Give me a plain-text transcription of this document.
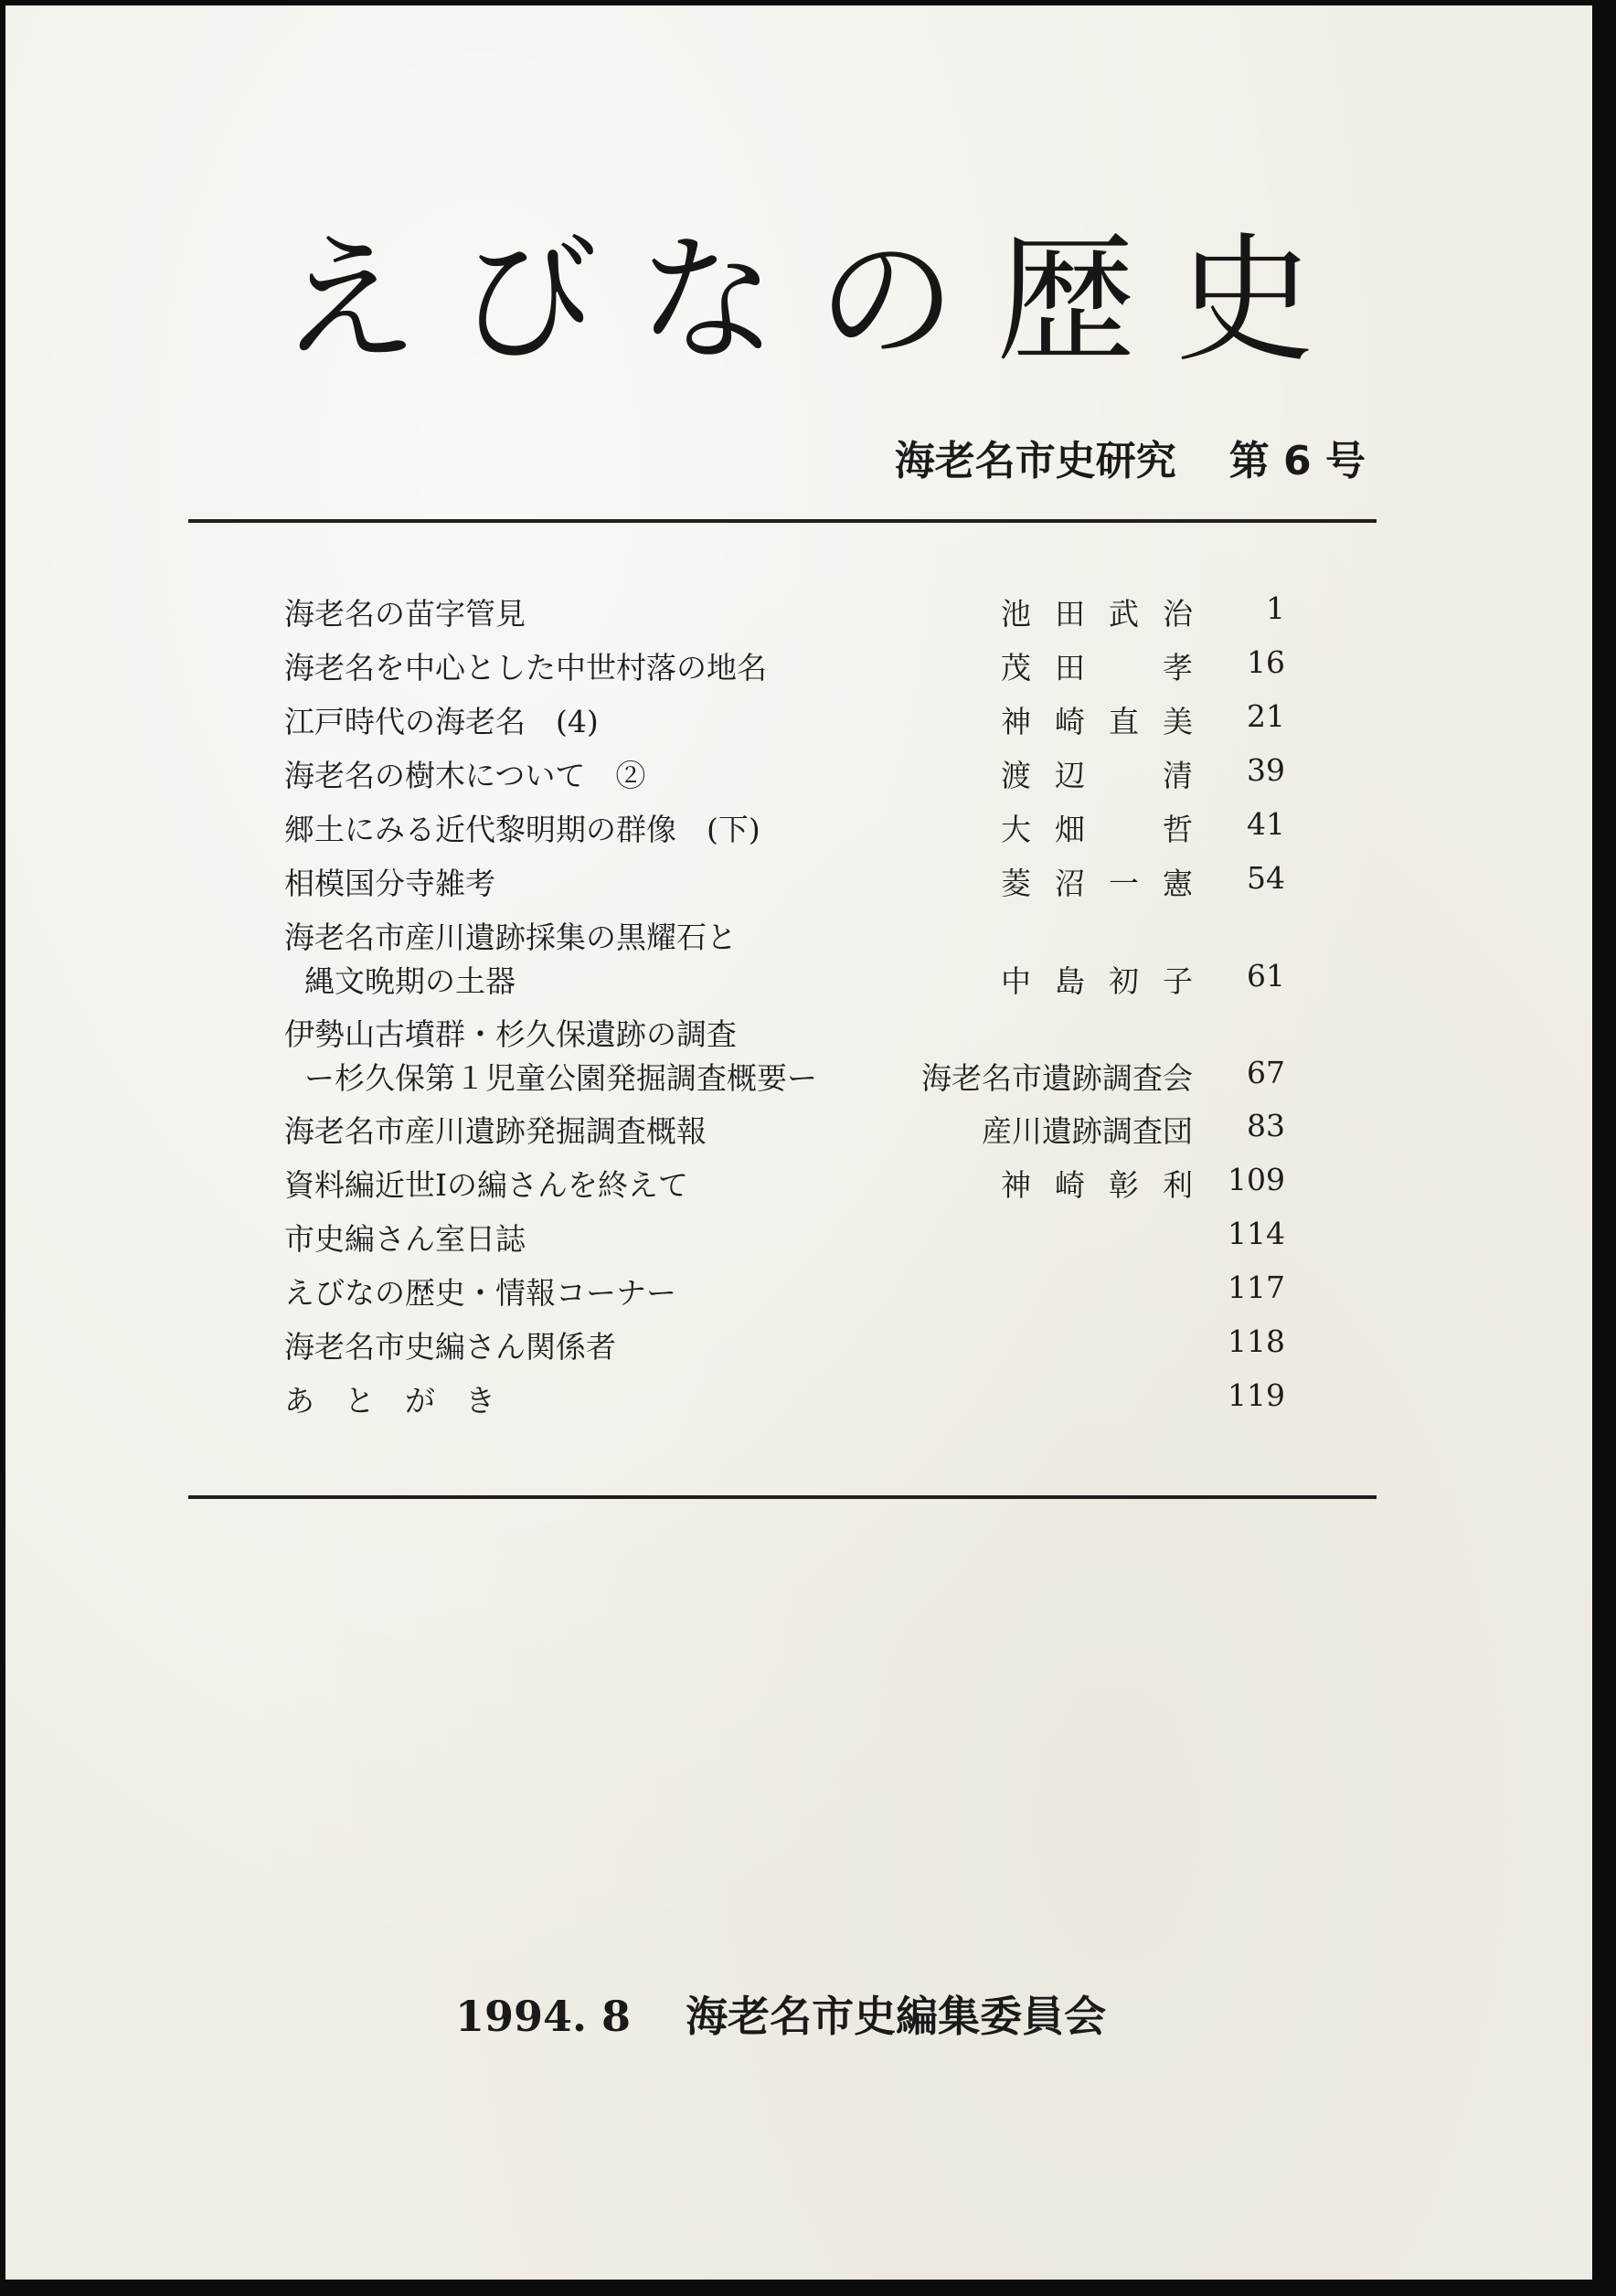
えびなの歴史
海老名市史研究 第 6 号
海老名の苗字管見	池田武治 1
海老名を中心とした中世村落の地名	茂田　孝 16
江戸時代の海老名　(4)	神崎直美 21
海老名の樹木について　②	渡辺　清 39
郷土にみる近代黎明期の群像　(下)	大畑　哲 41
相模国分寺雑考	菱沼一憲 54
海老名市産川遺跡採集の黒耀石と
縄文晩期の土器	中島初子 61
伊勢山古墳群・杉久保遺跡の調査
ー杉久保第１児童公園発掘調査概要ー	海老名市遺跡調査会 67
海老名市産川遺跡発掘調査概報	産川遺跡調査団 83
資料編近世Ⅰの編さんを終えて	神崎彰利 109
市史編さん室日誌	114
えびなの歴史・情報コーナー	117
海老名市史編さん関係者	118
あ　と　が　き	119
1994. 8 海老名市史編集委員会
